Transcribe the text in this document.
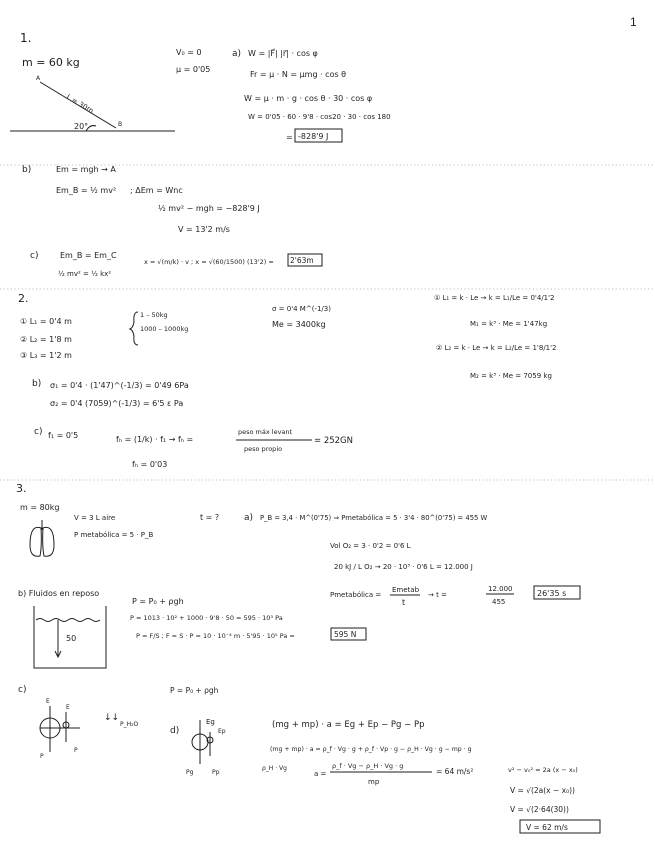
1
1.
m = 60 kg
A
L = 30m
20°	B
V₀ = 0
μ = 0'05
a) W = |F⃗| |r⃗| · cos φ
Fr = μ · N = μmg · cos θ
W = μ · m · g · cos θ · 30 · cos φ
W = 0'05 · 60 · 9'8 · cos20 · 30 · cos 180
= -828'9 J
b)	Em = mgh → A
Em_B = ½ mv² ; ΔEm = Wnc
½ mv² − mgh = −828'9 J
V = 13'2 m/s
c)	Em_B = Em_C
½ mv² = ½ kx²
x = √(m/k) · v ; x = √(60/1500) (13'2) = 2'63m
2.
① L₁ = 0'4 m
② L₂ = 1'8 m
③ L₃ = 1'2 m
1 – 50kg
1000 – 1000kg
σ = 0'4 M^(-1/3)
Me = 3400kg
① L₁ = k · Le → k = L₁/Le = 0'4/1'2
M₁ = k³ · Me = 1'47kg
② L₂ = k · Le → k = L₂/Le = 1'8/1'2
M₂ = k³ · Me = 7059 kg
b) σ₁ = 0'4 · (1'47)^(-1/3) = 0'49 6Pa
σ₂ = 0'4 (7059)^(-1/3) = 6'5 ε Pa
c) f₁ = 0'5	fₕ = (1/k) · f₁ → fₕ =
peso máx levant
peso propio
= 252GN
fₕ = 0'03
3.
m = 80kg
V = 3 L aire
P metabólica = 5 · P_B
t = ?	a) P_B = 3,4 · M^(0'75) ⇒ Pmetabólica = 5 · 3'4 · 80^(0'75) = 455 W
Vol O₂ = 3 · 0'2 = 0'6 L
20 kJ / L O₂ → 20 · 10³ · 0'6 L = 12.000 J
Pmetabólica =
Emetab
t
→ t =
12.000
455
26'35 s
b) Fluidos en reposo
50
P = P₀ + ρgh
P = 1013 · 10² + 1000 · 9'8 · 50 = 595 · 10³ Pa
P = F/S ; F = S · P = 10 · 10⁻⁴ m · 5'95 · 10⁵ Pa =	595 N
c)	P = P₀ + ρgh
E
E
P
P
↓↓
P_H₂O
d)
Eg
Ep
Pg	Pp
(mg + mp) · a = Eg + Ep − Pg − Pp
(mg + mp) · a = ρ_f · Vg · g + ρ_f · Vp · g − ρ_H · Vg · g − mp · g
ρ_H · Vg
a =
ρ_f · Vg − ρ_H · Vg · g
mp
= 64 m/s²	v² − v₀² = 2a (x − x₀)
V = √(2a(x − x₀))
V = √(2·64(30))
V = 62 m/s
